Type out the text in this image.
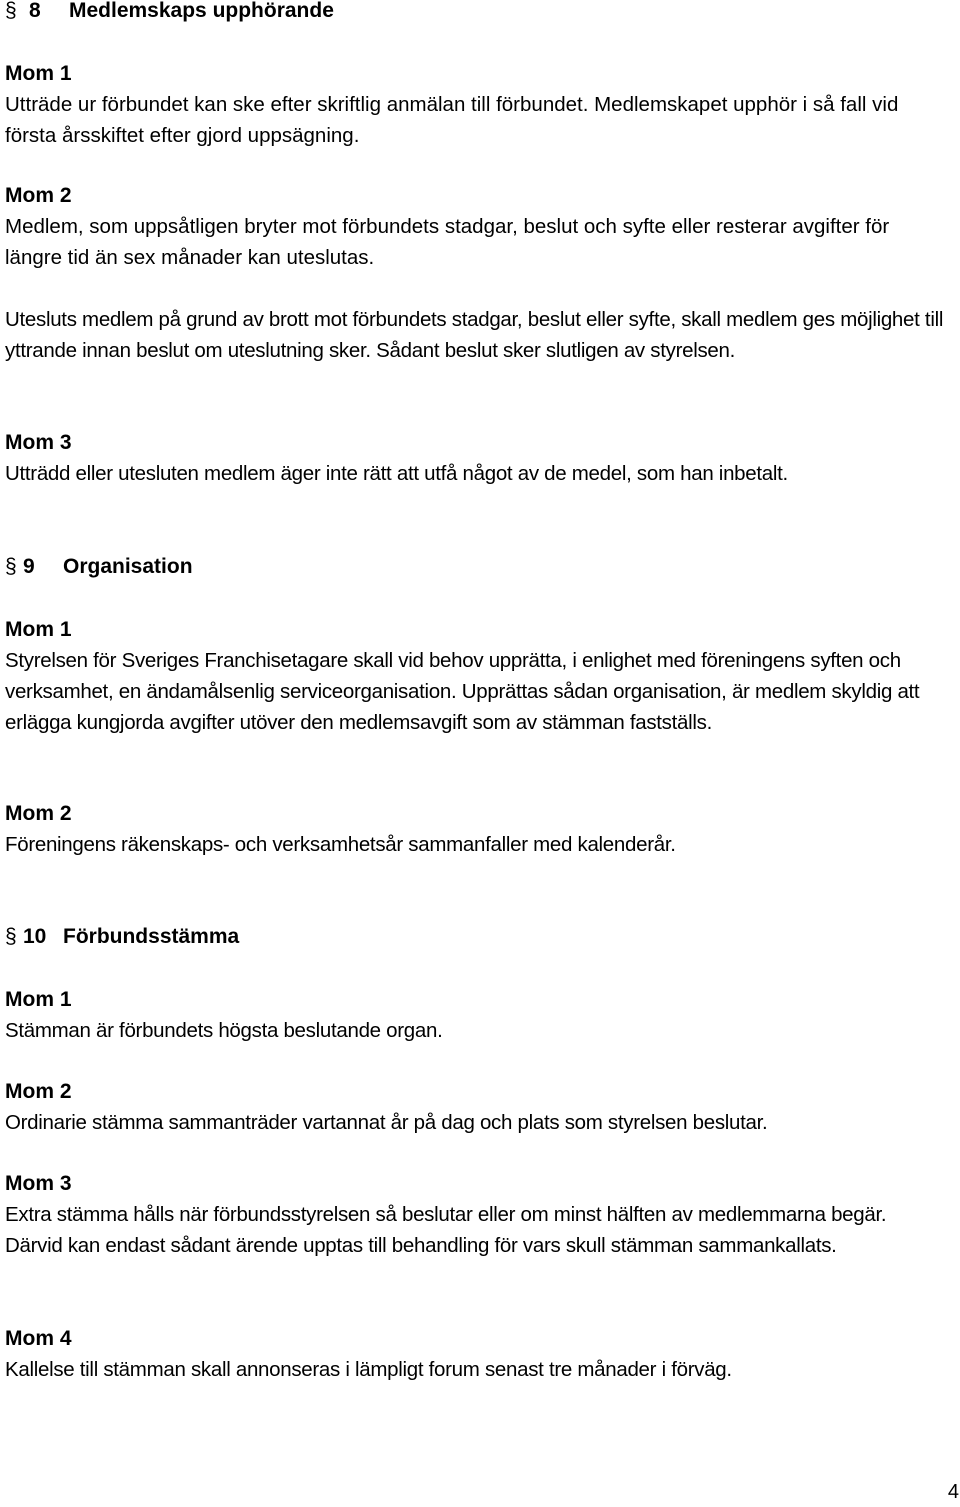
§ 8	Medlemskaps upphörande
Mom 1

Utträde ur förbundet kan ske efter skriftlig anmälan till förbundet. Medlemskapet upphör i så fall vid första årsskiftet efter gjord uppsägning.

Mom 2

Medlem, som uppsåtligen bryter mot förbundets stadgar, beslut och syfte eller resterar avgifter för längre tid än sex månader kan uteslutas.

Utesluts medlem på grund av brott mot förbundets stadgar, beslut eller syfte, skall medlem ges möjlighet till yttrande innan beslut om uteslutning sker. Sådant beslut sker slutligen av styrelsen.

Mom 3

Utträdd eller utesluten medlem äger inte rätt att utfå något av de medel, som han inbetalt.

§ 9	Organisation
Mom 1

Styrelsen för Sveriges Franchisetagare skall vid behov upprätta, i enlighet med föreningens syften och verksamhet, en ändamålsenlig serviceorganisation. Upprättas sådan organisation, är medlem skyldig att erlägga kungjorda avgifter utöver den medlemsavgift som av stämman fastställs.

Mom 2

Föreningens räkenskaps- och verksamhetsår sammanfaller med kalenderår.

§ 10 Förbundsstämma
Mom 1

Stämman är förbundets högsta beslutande organ.

Mom 2

Ordinarie stämma sammanträder vartannat år på dag och plats som styrelsen beslutar.

Mom 3

Extra stämma hålls när förbundsstyrelsen så beslutar eller om minst hälften av medlemmarna begär. Därvid kan endast sådant ärende upptas till behandling för vars skull stämman sammankallats.

Mom 4

Kallelse till stämman skall annonseras i lämpligt forum senast tre månader i förväg.

4
